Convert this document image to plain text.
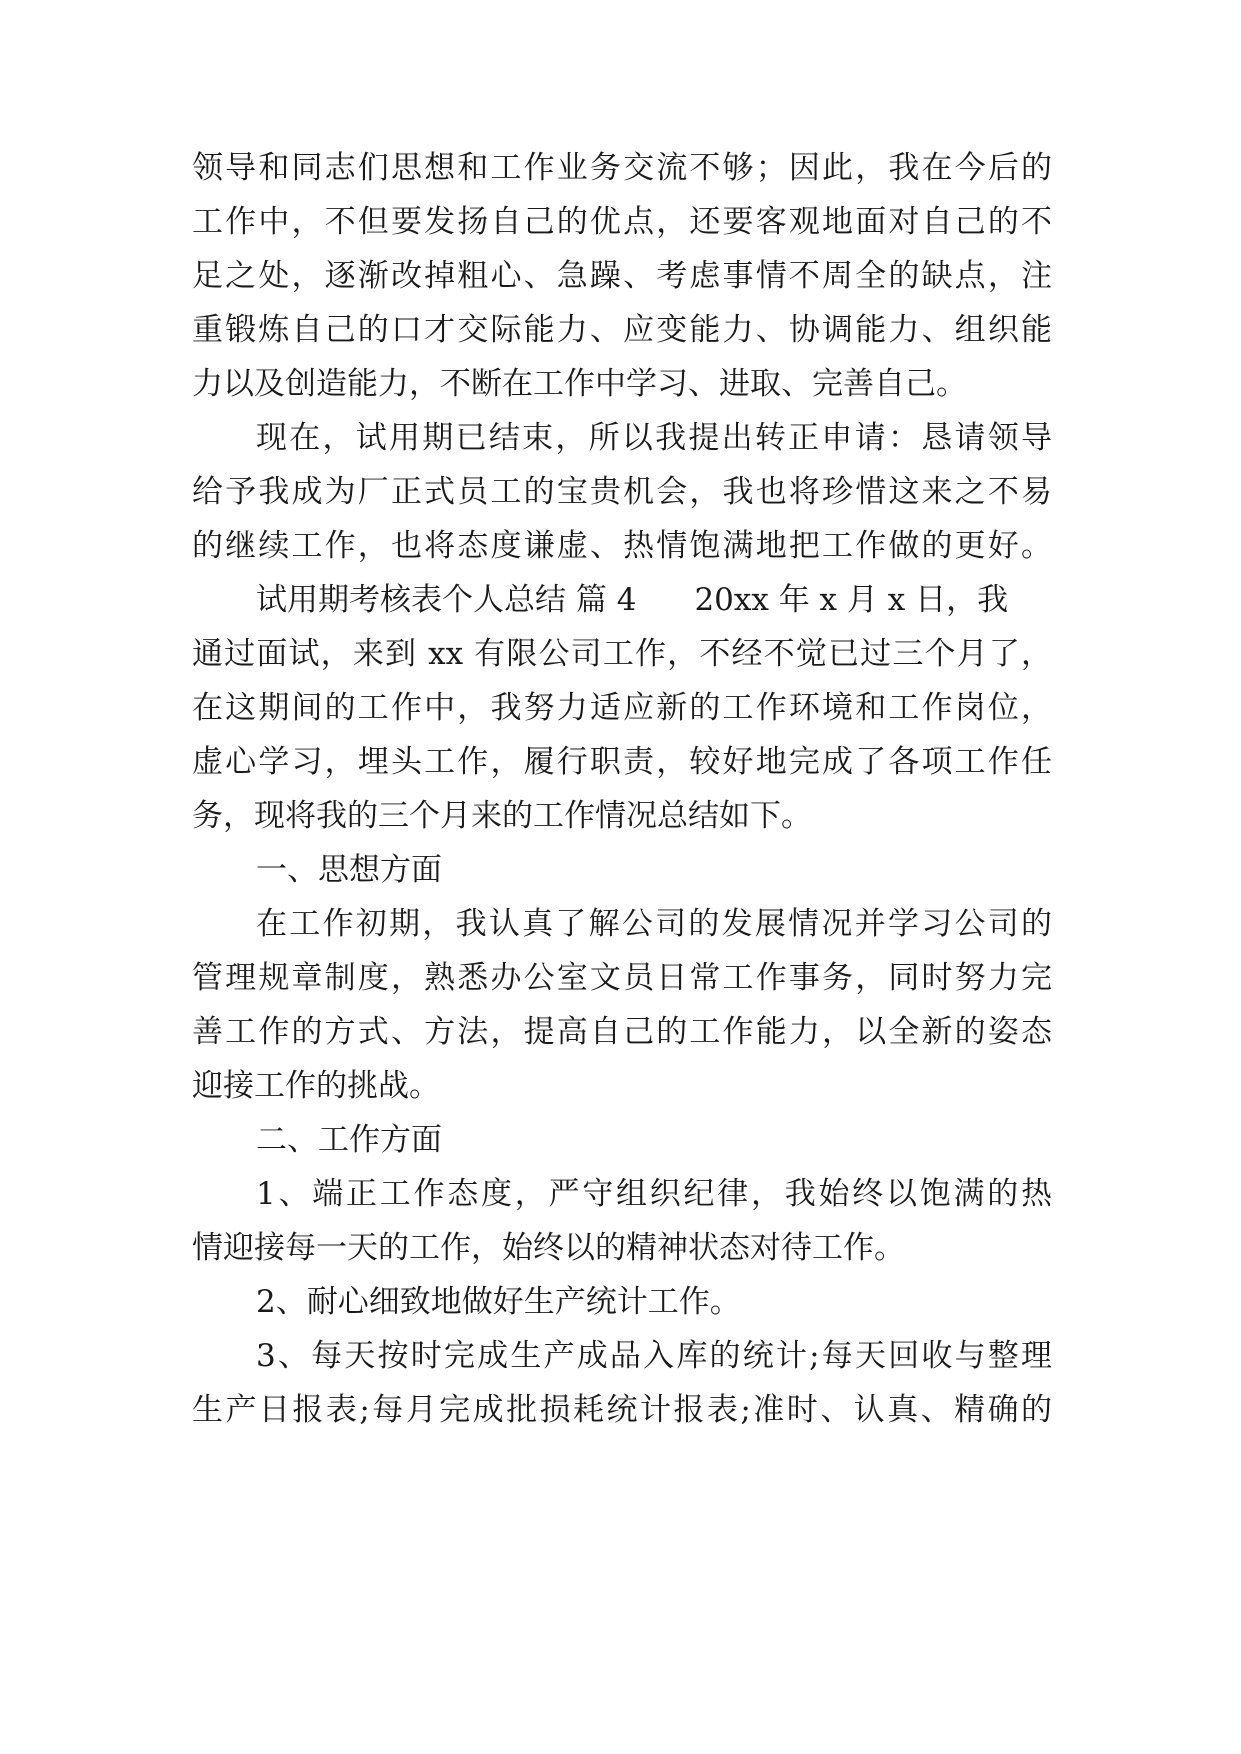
领导和同志们思想和工作业务交流不够；因此，我在今后的
工作中，不但要发扬自己的优点，还要客观地面对自己的不
足之处，逐渐改掉粗心、急躁、考虑事情不周全的缺点，注
重锻炼自己的口才交际能力、应变能力、协调能力、组织能
力以及创造能力，不断在工作中学习、进取、完善自己。
现在，试用期已结束，所以我提出转正申请：恳请领导
给予我成为厂正式员工的宝贵机会，我也将珍惜这来之不易
的继续工作，也将态度谦虚、热情饱满地把工作做的更好。
试用期考核表个人总结 篇 4 20xx 年 x 月 x 日，我
通过面试，来到 xx 有限公司工作，不经不觉已过三个月了，
在这期间的工作中，我努力适应新的工作环境和工作岗位，
虚心学习，埋头工作，履行职责，较好地完成了各项工作任
务，现将我的三个月来的工作情况总结如下。
一、思想方面
在工作初期，我认真了解公司的发展情况并学习公司的
管理规章制度，熟悉办公室文员日常工作事务，同时努力完
善工作的方式、方法，提高自己的工作能力，以全新的姿态
迎接工作的挑战。
二、工作方面
1、端正工作态度，严守组织纪律，我始终以饱满的热
情迎接每一天的工作，始终以的精神状态对待工作。
2、耐心细致地做好生产统计工作。
3、每天按时完成生产成品入库的统计;每天回收与整理
生产日报表;每月完成批损耗统计报表;准时、认真、精确的
